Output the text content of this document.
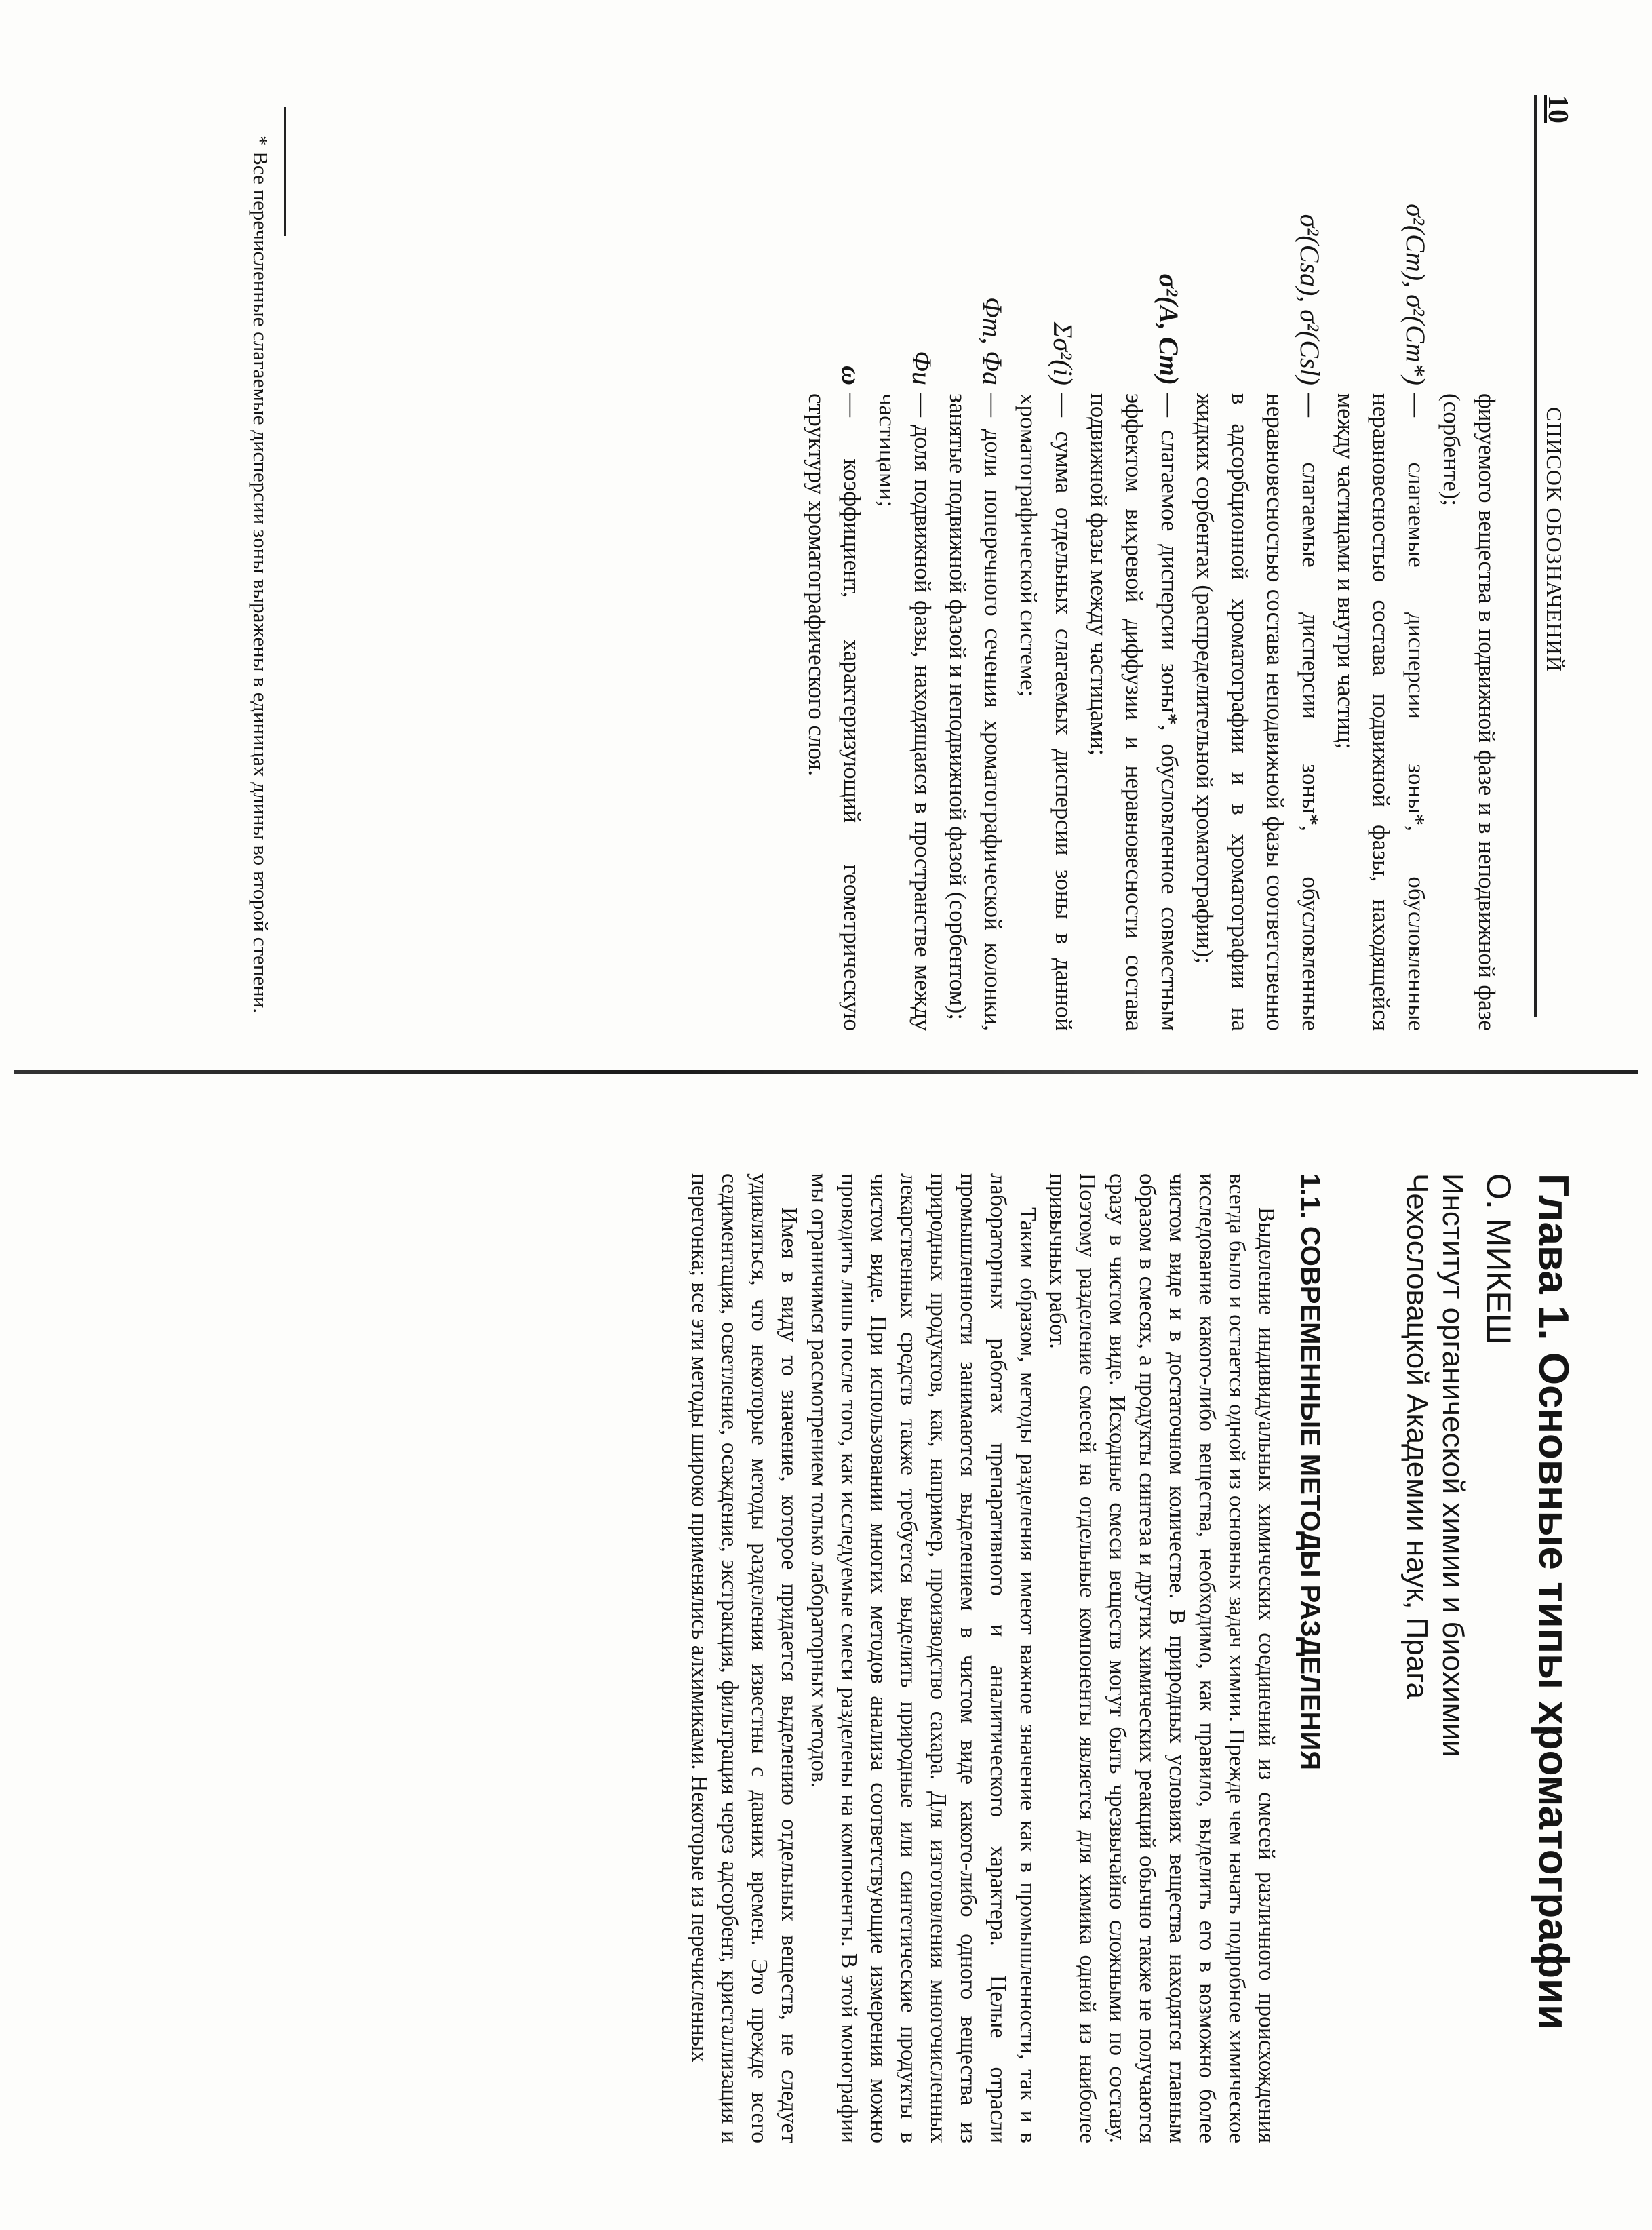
10
СПИСОК ОБОЗНАЧЕНИЙ
фируемого вещества в подвижной фазе и в неподвижной фазе (сорбенте);
σ²(Cm), σ²(Cm*)
— слагаемые дисперсии зоны*, обусловленные неравновесностью состава подвижной фазы, находящейся между частицами и внутри частиц;
σ²(Csa), σ²(Csl)
— слагаемые дисперсии зоны*, обусловленные неравновесностью состава неподвижной фазы соответственно в адсорбционной хроматографии и в хроматографии на жидких сорбентах (распределительной хроматографии);
σ²(A, Cm)
— слагаемое дисперсии зоны*, обусловленное совместным эффектом вихревой диффузии и неравновесности состава подвижной фазы между частицами;
Σσ²(i)
— сумма отдельных слагаемых дисперсии зоны в данной хроматографической системе;
Φm, Φa
— доли поперечного сечения хроматографической колонки, занятые подвижной фазой и неподвижной фазой (сорбентом);
Φu
— доля подвижной фазы, находящаяся в пространстве между частицами;
ω
— коэффициент, характеризующий геометрическую структуру хроматографического слоя.
* Все перечисленные слагаемые дисперсии зоны выражены в единицах длины во второй степени.
Глава 1. Основные типы хроматографии
О. МИКЕШ

Институт органической химии и биохимии

Чехословацкой Академии наук, Прага

1.1. СОВРЕМЕННЫЕ МЕТОДЫ РАЗДЕЛЕНИЯ

Выделение индивидуальных химических соединений из смесей различного происхождения всегда было и остается одной из основных задач химии. Прежде чем начать подробное химическое исследование какого-либо вещества, необходимо, как правило, выделить его в возможно более чистом виде и в достаточном количестве. В природных условиях вещества находятся главным образом в смесях, а продукты синтеза и других химических реакций обычно также не получаются сразу в чистом виде. Исходные смеси веществ могут быть чрезвычайно сложными по составу. Поэтому разделение смесей на отдельные компоненты является для химика одной из наиболее привычных работ.

Таким образом, методы разделения имеют важное значение как в промышленности, так и в лабораторных работах препаративного и аналитического характера. Целые отрасли промышленности занимаются выделением в чистом виде какого-либо одного вещества из природных продуктов, как, например, производство сахара. Для изготовления многочисленных лекарственных средств также требуется выделить природные или синтетические продукты в чистом виде. При использовании многих методов анализа соответствующие измерения можно проводить лишь после того, как исследуемые смеси разделены на компоненты. В этой монографии мы ограничимся рассмотрением только лабораторных методов.

Имея в виду то значение, которое придается выделению отдельных веществ, не следует удивляться, что некоторые методы разделения известны с давних времен. Это прежде всего седиментация, осветление, осаждение, экстракция, фильтрация через адсорбент, кристаллизация и перегонка; все эти методы широко применялись алхимиками. Некоторые из перечисленных
